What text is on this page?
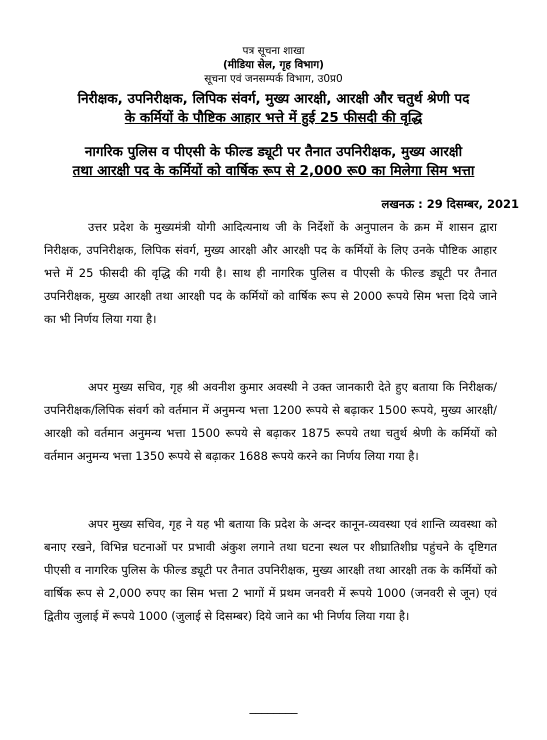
पत्र सूचना शाखा
(मीडिया सेल, गृह विभाग)
सूचना एवं जनसम्पर्क विभाग, उ0प्र0
निरीक्षक, उपनिरीक्षक, लिपिक संवर्ग, मुख्य आरक्षी, आरक्षी और चतुर्थ श्रेणी पद
के कर्मियों के पौष्टिक आहार भत्ते में हुई 25 फीसदी की वृद्धि
नागरिक पुलिस व पीएसी के फील्ड ड्यूटी पर तैनात उपनिरीक्षक, मुख्य आरक्षी
तथा आरक्षी पद के कर्मियों को वार्षिक रूप से 2,000 रू0 का मिलेगा सिम भत्ता
लखनऊ : 29 दिसम्बर, 2021

उत्तर प्रदेश के मुख्यमंत्री योगी आदित्यनाथ जी के निर्देशों के अनुपालन के क्रम में शासन द्वारा निरीक्षक, उपनिरीक्षक, लिपिक संवर्ग, मुख्य आरक्षी और आरक्षी पद के कर्मियों के लिए उनके पौष्टिक आहार भत्ते में 25 फीसदी की वृद्धि की गयी है। साथ ही नागरिक पुलिस व पीएसी के फील्ड ड्यूटी पर तैनात उपनिरीक्षक, मुख्य आरक्षी तथा आरक्षी पद के कर्मियों को वार्षिक रूप से 2000 रूपये सिम भत्ता दिये जाने का भी निर्णय लिया गया है।

अपर मुख्य सचिव, गृह श्री अवनीश कुमार अवस्थी ने उक्त जानकारी देते हुए बताया कि निरीक्षक/उपनिरीक्षक/लिपिक संवर्ग को वर्तमान में अनुमन्य भत्ता 1200 रूपये से बढ़ाकर 1500 रूपये, मुख्य आरक्षी/आरक्षी को वर्तमान अनुमन्य भत्ता 1500 रूपये से बढ़ाकर 1875 रूपये तथा चतुर्थ श्रेणी के कर्मियों को वर्तमान अनुमन्य भत्ता 1350 रूपये से बढ़ाकर 1688 रूपये करने का निर्णय लिया गया है।

अपर मुख्य सचिव, गृह ने यह भी बताया कि प्रदेश के अन्दर कानून-व्यवस्था एवं शान्ति व्यवस्था को बनाए रखने, विभिन्न घटनाओं पर प्रभावी अंकुश लगाने तथा घटना स्थल पर शीघ्रातिशीघ्र पहुंचने के दृष्टिगत पीएसी व नागरिक पुलिस के फील्ड ड्यूटी पर तैनात उपनिरीक्षक, मुख्य आरक्षी तथा आरक्षी तक के कर्मियों को वार्षिक रूप से 2,000 रुपए का सिम भत्ता 2 भागों में प्रथम जनवरी में रूपये 1000 (जनवरी से जून) एवं द्वितीय जुलाई में रूपये 1000 (जुलाई से दिसम्बर) दिये जाने का भी निर्णय लिया गया है।

________
